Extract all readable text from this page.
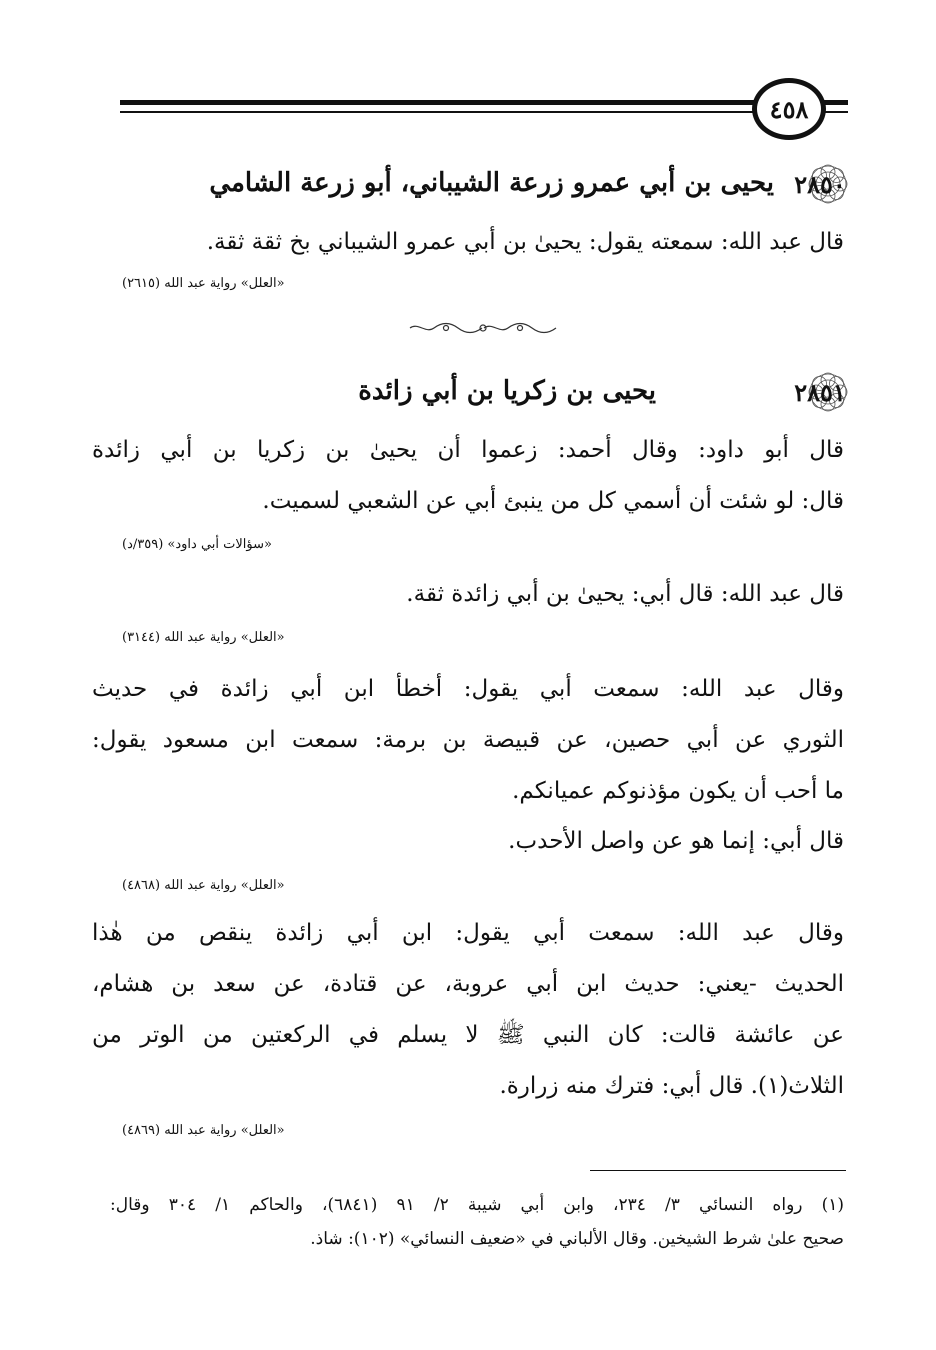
٤٥٨
٢٨٥٠
يحيى بن أبي عمرو زرعة الشيباني، أبو زرعة الشامي
قال عبد الله: سمعته يقول: يحيىٰ بن أبي عمرو الشيباني بخ ثقة ثقة.
«العلل» رواية عبد الله (٢٦١٥)
٢٨٥١
يحيى بن زكريا بن أبي زائدة
قال أبو داود: وقال أحمد: زعموا أن يحيىٰ بن زكريا بن أبي زائدة
قال: لو شئت أن أسمي كل من ينبئ أبي عن الشعبي لسميت.
«سؤالات أبي داود» (٣٥٩/د)
قال عبد الله: قال أبي: يحيىٰ بن أبي زائدة ثقة.
«العلل» رواية عبد الله (٣١٤٤)
وقال عبد الله: سمعت أبي يقول: أخطأ ابن أبي زائدة في حديث
الثوري عن أبي حصين، عن قبيصة بن برمة: سمعت ابن مسعود يقول:
ما أحب أن يكون مؤذنوكم عميانكم.
قال أبي: إنما هو عن واصل الأحدب.
«العلل» رواية عبد الله (٤٨٦٨)
وقال عبد الله: سمعت أبي يقول: ابن أبي زائدة ينقص من هٰذا
الحديث -يعني: حديث ابن أبي عروبة، عن قتادة، عن سعد بن هشام،
عن عائشة قالت: كان النبي ﷺ لا يسلم في الركعتين من الوتر من
الثلاث(١). قال أبي: فترك منه زرارة.
«العلل» رواية عبد الله (٤٨٦٩)
(١) رواه النسائي ٣/ ٢٣٤، وابن أبي شيبة ٢/ ٩١ (٦٨٤١)، والحاكم ١/ ٣٠٤ وقال:
صحيح علىٰ شرط الشيخين. وقال الألباني في «ضعيف النسائي» (١٠٢): شاذ.
